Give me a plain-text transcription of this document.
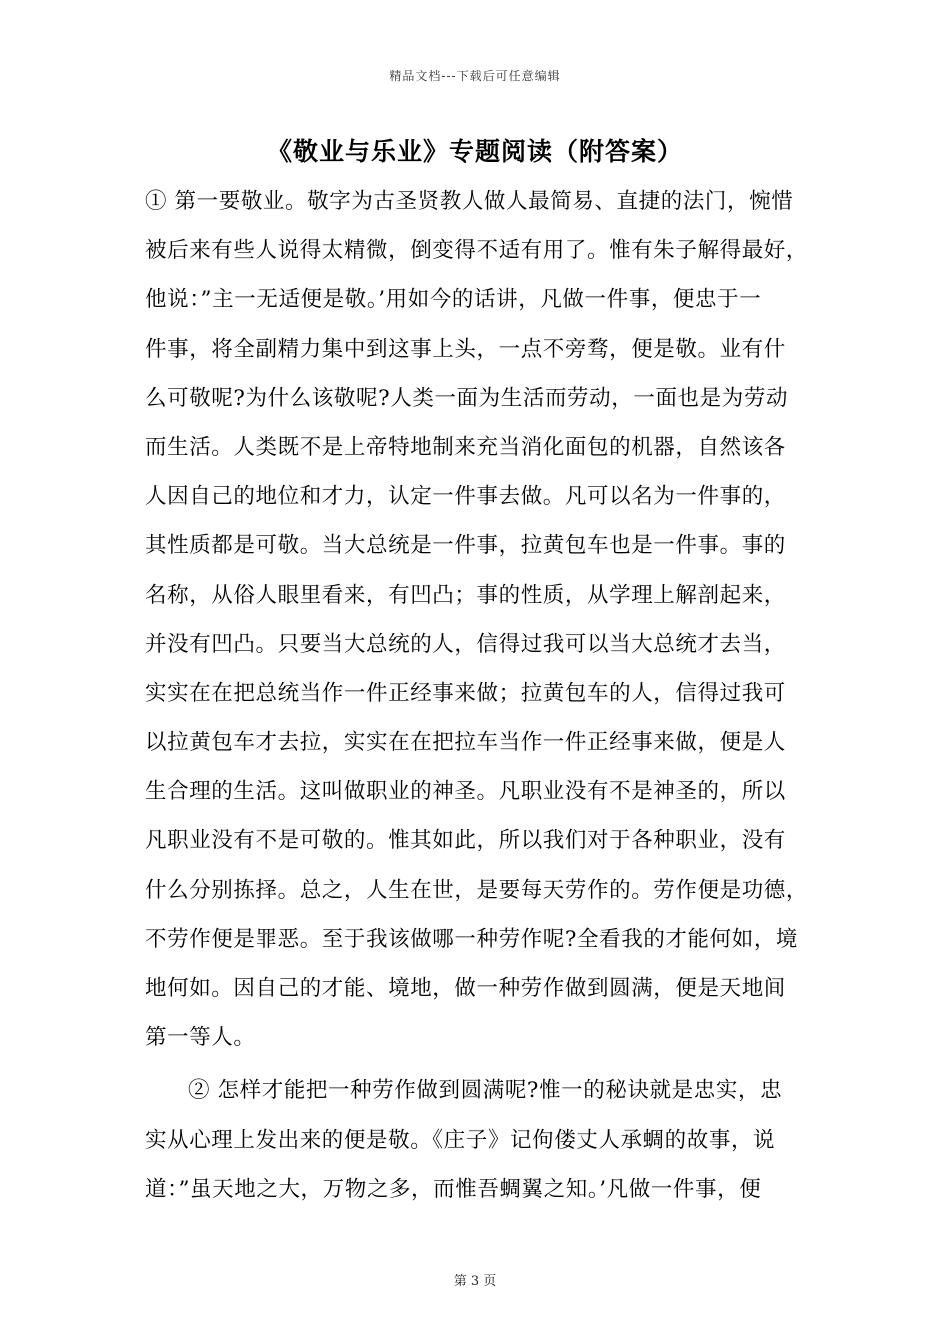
精品文档---下载后可任意编辑
《敬业与乐业》专题阅读（附答案）
① 第一要敬业。敬字为古圣贤教人做人最简易、直捷的法门，惋惜
被后来有些人说得太精微，倒变得不适有用了。惟有朱子解得最好，
他说：”主一无适便是敬。’用如今的话讲，凡做一件事，便忠于一
件事，将全副精力集中到这事上头，一点不旁骛，便是敬。业有什
么可敬呢?为什么该敬呢?人类一面为生活而劳动，一面也是为劳动
而生活。人类既不是上帝特地制来充当消化面包的机器，自然该各
人因自己的地位和才力，认定一件事去做。凡可以名为一件事的，
其性质都是可敬。当大总统是一件事，拉黄包车也是一件事。事的
名称，从俗人眼里看来，有凹凸；事的性质，从学理上解剖起来，
并没有凹凸。只要当大总统的人，信得过我可以当大总统才去当，
实实在在把总统当作一件正经事来做；拉黄包车的人，信得过我可
以拉黄包车才去拉，实实在在把拉车当作一件正经事来做，便是人
生合理的生活。这叫做职业的神圣。凡职业没有不是神圣的，所以
凡职业没有不是可敬的。惟其如此，所以我们对于各种职业，没有
什么分别拣择。总之，人生在世，是要每天劳作的。劳作便是功德，
不劳作便是罪恶。至于我该做哪一种劳作呢?全看我的才能何如，境
地何如。因自己的才能、境地，做一种劳作做到圆满，便是天地间
第一等人。
② 怎样才能把一种劳作做到圆满呢?惟一的秘诀就是忠实，忠
实从心理上发出来的便是敬。《庄子》记佝偻丈人承蜩的故事，说
道：”虽天地之大，万物之多，而惟吾蜩翼之知。’凡做一件事，便
第 3 页
